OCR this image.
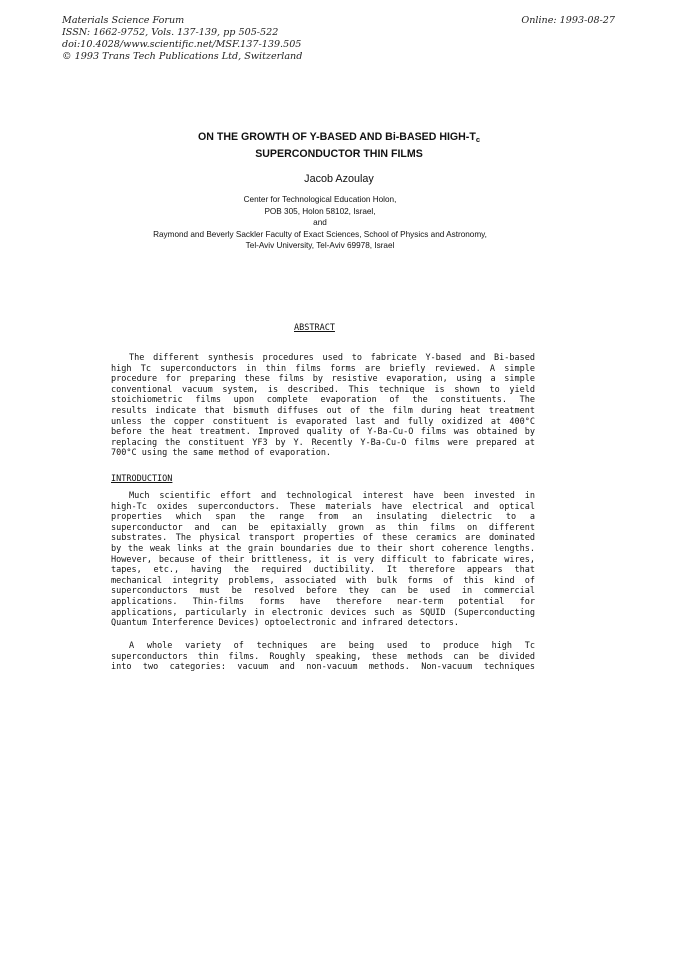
Materials Science Forum
ISSN: 1662-9752, Vols. 137-139, pp 505-522
doi:10.4028/www.scientific.net/MSF.137-139.505
© 1993 Trans Tech Publications Ltd, Switzerland
Online: 1993-08-27
ON THE GROWTH OF Y-BASED AND Bi-BASED HIGH-$T_c$
SUPERCONDUCTOR THIN FILMS
Jacob Azoulay
Center for Technological Education Holon,
POB 305, Holon 58102, Israel,
and
Raymond and Beverly Sackler Faculty of Exact Sciences, School of Physics and Astronomy,
Tel-Aviv University, Tel-Aviv 69978, Israel
ABSTRACT
The different synthesis procedures used to fabricate Y-based and Bi-based
high Tc superconductors in thin films forms are briefly reviewed. A simple
procedure for preparing these films by resistive evaporation, using a simple
conventional vacuum system, is described. This technique is shown to yield
stoichiometric films upon complete evaporation of the constituents. The
results indicate that bismuth diffuses out of the film during heat treatment
unless the copper constituent is evaporated last and fully oxidized at 400°C
before the heat treatment. Improved quality of Y-Ba-Cu-O films was obtained by
replacing the constituent YF3 by Y. Recently Y-Ba-Cu-O films were prepared at
700°C using the same method of evaporation.
INTRODUCTION
Much scientific effort and technological interest have been invested in
high-Tc oxides superconductors. These materials have electrical and optical
properties which span the range from an insulating dielectric to a
superconductor and can be epitaxially grown as thin films on different
substrates. The physical transport properties of these ceramics are dominated
by the weak links at the grain boundaries due to their short coherence lengths.
However, because of their brittleness, it is very difficult to fabricate wires,
tapes, etc., having the required ductibility. It therefore appears that
mechanical integrity problems, associated with bulk forms of this kind of
superconductors must be resolved before they can be used in commercial
applications. Thin-films forms have therefore near-term potential for
applications, particularly in electronic devices such as SQUID (Superconducting
Quantum Interference Devices) optoelectronic and infrared detectors.
A whole variety of techniques are being used to produce high Tc
superconductors thin films. Roughly speaking, these methods can be divided
into two categories: vacuum and non-vacuum methods. Non-vacuum techniques
